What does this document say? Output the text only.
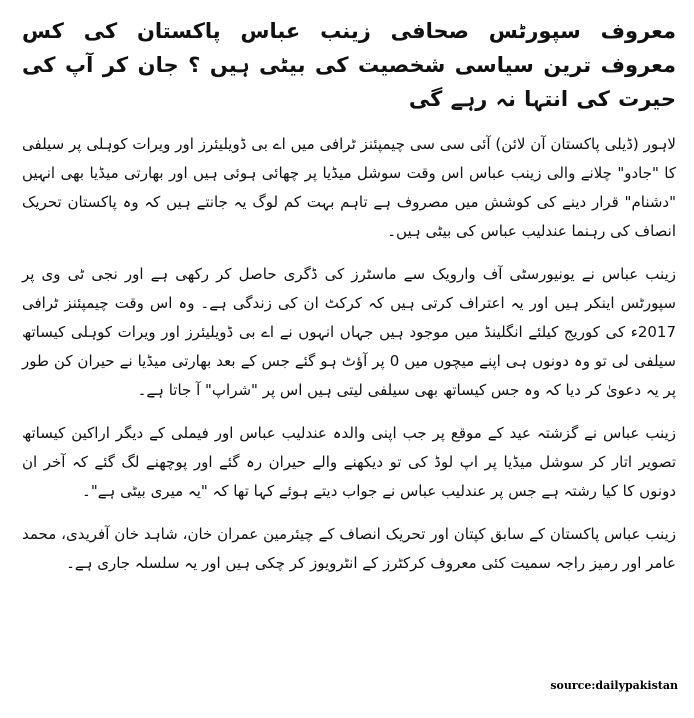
معروف سپورٹس صحافی زینب عباس پاکستان کی کس معروف ترین سیاسی شخصیت کی بیٹی ہیں ؟ جان کر آپ کی حیرت کی انتہا نہ رہے گی

لاہور (ڈیلی پاکستان آن لائن) آئی سی سی چیمپئنز ٹرافی میں اے بی ڈویلیئرز اور ویرات کوہلی پر سیلفی کا "جادو" چلانے والی زینب عباس اس وقت سوشل میڈیا پر چھائی ہوئی ہیں اور بھارتی میڈیا بھی انہیں "دشنام" قرار دینے کی کوشش میں مصروف ہے تاہم بہت کم لوگ یہ جانتے ہیں کہ وہ پاکستان تحریک انصاف کی رہنما عندلیب عباس کی بیٹی ہیں۔

زینب عباس نے یونیورسٹی آف وارویک سے ماسٹرز کی ڈگری حاصل کر رکھی ہے اور نجی ٹی وی پر سپورٹس اینکر ہیں اور یہ اعتراف کرتی ہیں کہ کرکٹ ان کی زندگی ہے۔ وہ اس وقت چیمپئنز ٹرافی 2017ء کی کوریج کیلئے انگلینڈ میں موجود ہیں جہاں انہوں نے اے بی ڈویلیئرز اور ویرات کوہلی کیساتھ سیلفی لی تو وہ دونوں ہی اپنے میچوں میں 0 پر آؤٹ ہو گئے جس کے بعد بھارتی میڈیا نے حیران کن طور پر یہ دعویٰ کر دیا کہ وہ جس کیساتھ بھی سیلفی لیتی ہیں اس پر "شراپ" آ جاتا ہے۔

زینب عباس نے گزشتہ عید کے موقع پر جب اپنی والدہ عندلیب عباس اور فیملی کے دیگر اراکین کیساتھ تصویر اتار کر سوشل میڈیا پر اپ لوڈ کی تو دیکھنے والے حیران رہ گئے اور پوچھنے لگ گئے کہ آخر ان دونوں کا کیا رشتہ ہے جس پر عندلیب عباس نے جواب دیتے ہوئے کہا تھا کہ "یہ میری بیٹی ہے"۔

زینب عباس پاکستان کے سابق کپتان اور تحریک انصاف کے چیئرمین عمران خان، شاہد خان آفریدی، محمد عامر اور رمیز راجہ سمیت کئی معروف کرکٹرز کے انٹرویوز کر چکی ہیں اور یہ سلسلہ جاری ہے۔

source:dailypakistan
